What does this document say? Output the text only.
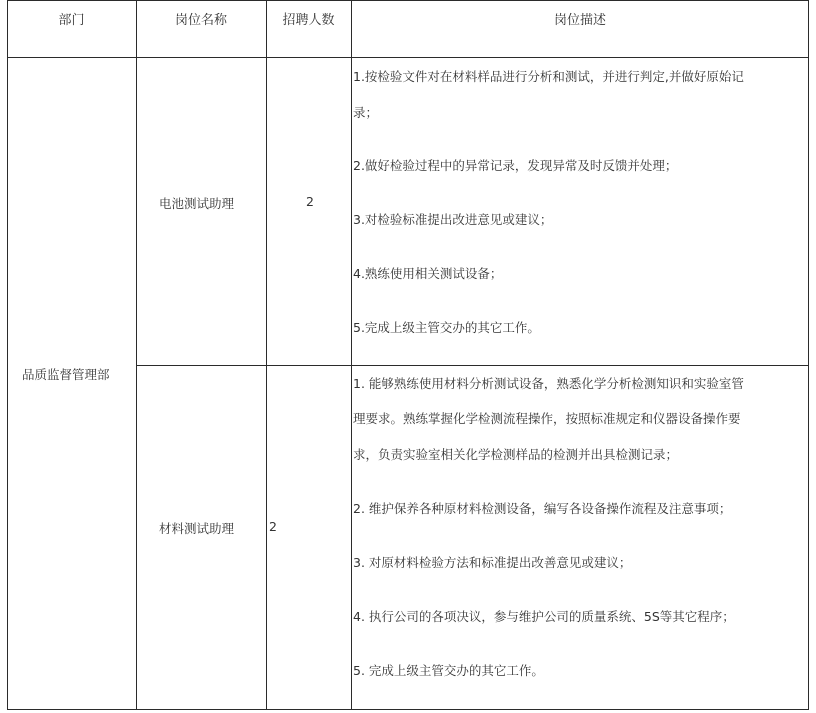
部门	岗位名称	招聘人数	岗位描述
品质监督管理部
电池测试助理	2

1.按检验文件对在材料样品进行分析和测试，并进行判定,并做好原始记

录；

2.做好检验过程中的异常记录，发现异常及时反馈并处理；

3.对检验标准提出改进意见或建议；

4.熟练使用相关测试设备；

5.完成上级主管交办的其它工作。

材料测试助理	2

1. 能够熟练使用材料分析测试设备，熟悉化学分析检测知识和实验室管

理要求。熟练掌握化学检测流程操作，按照标准规定和仪器设备操作要

求，负责实验室相关化学检测样品的检测并出具检测记录；

2. 维护保养各种原材料检测设备，编写各设备操作流程及注意事项；

3. 对原材料检验方法和标准提出改善意见或建议；

4. 执行公司的各项决议，参与维护公司的质量系统、5S等其它程序；

5. 完成上级主管交办的其它工作。
